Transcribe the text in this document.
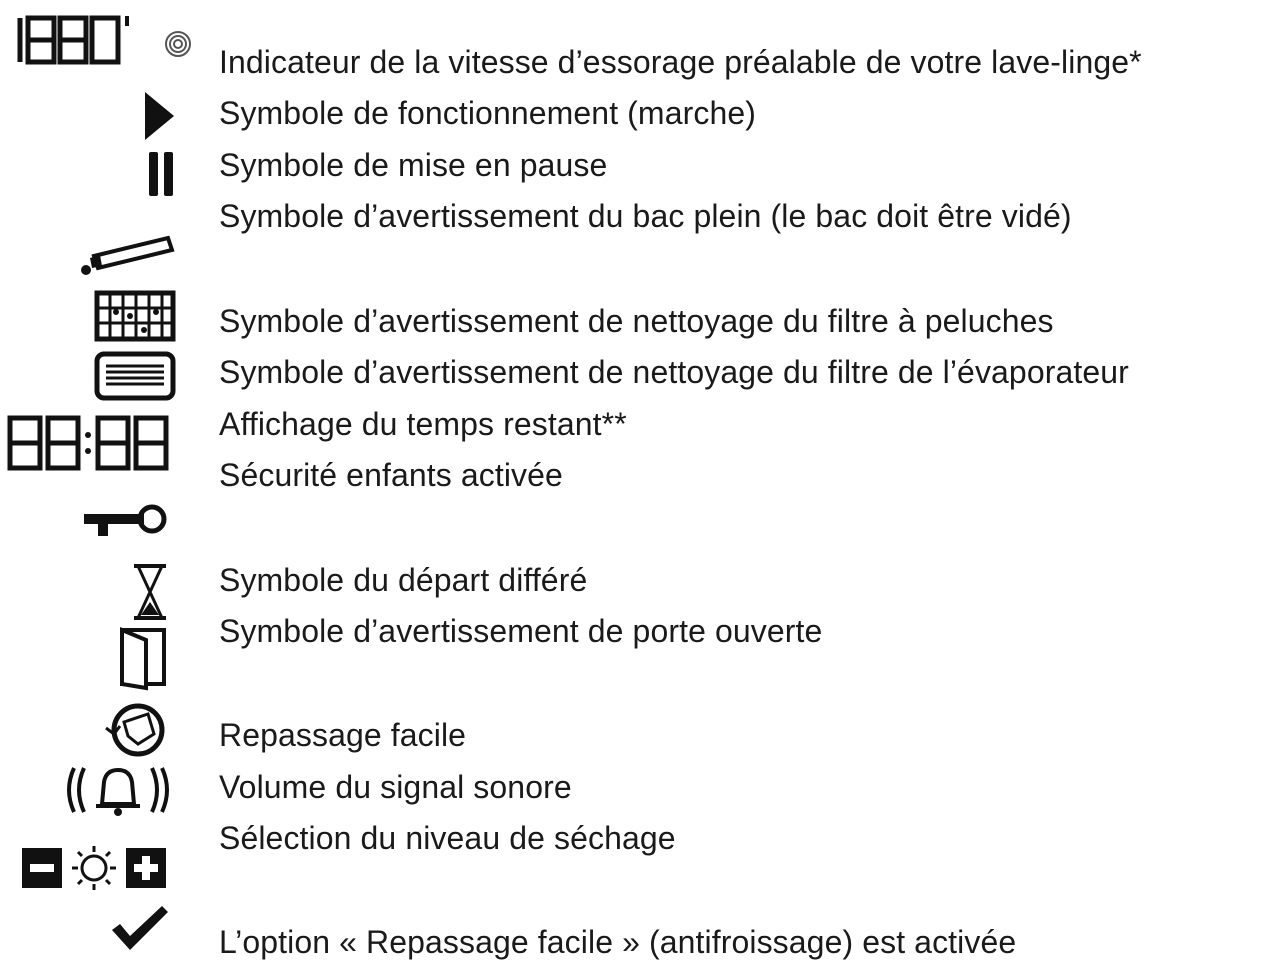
Indicateur de la vitesse d’essorage préalable de votre lave-linge*
Symbole de fonctionnement (marche)
Symbole de mise en pause
Symbole d’avertissement du bac plein (le bac doit être vidé)
Symbole d’avertissement de nettoyage du filtre à peluches
Symbole d’avertissement de nettoyage du filtre de l’évaporateur
Affichage du temps restant**
Sécurité enfants activée
Symbole du départ différé
Symbole d’avertissement de porte ouverte
Repassage facile
Volume du signal sonore
Sélection du niveau de séchage
L’option « Repassage facile » (antifroissage) est activée
